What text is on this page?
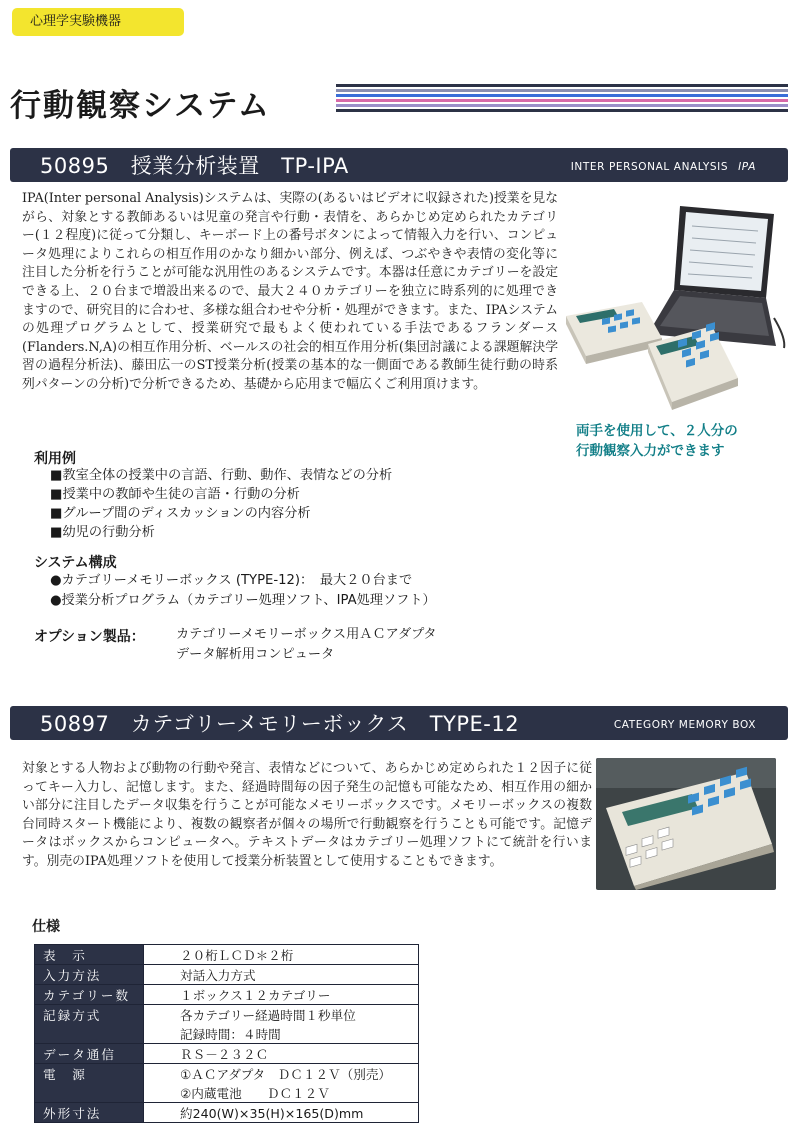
心理学実験機器
行動観察システム
50895　授業分析装置　TP-IPA	INTER PERSONAL ANALYSIS IPA

IPA(Inter personal Analysis)システムは、実際の(あるいはビデオに収録された)授業を見ながら、対象とする教師あるいは児童の発言や行動・表情を、あらかじめ定められたカテゴリー(１２程度)に従って分類し、キーボード上の番号ボタンによって情報入力を行い、コンピュータ処理によりこれらの相互作用のかなり細かい部分、例えば、つぶやきや表情の変化等に注目した分析を行うことが可能な汎用性のあるシステムです。本器は任意にカテゴリーを設定できる上、２０台まで増設出来るので、最大２４０カテゴリーを独立に時系列的に処理できますので、研究目的に合わせ、多様な組合わせや分析・処理ができます。また、IPAシステムの処理プログラムとして、授業研究で最もよく使われている手法であるフランダース(Flanders.N,A)の相互作用分析、ベールスの社会的相互作用分析(集団討議による課題解決学習の過程分析法)、藤田広一のST授業分析(授業の基本的な一側面である教師生徒行動の時系列パターンの分析)で分析できるため、基礎から応用まで幅広くご利用頂けます。

両手を使用して、２人分の
行動観察入力ができます
利用例
■教室全体の授業中の言語、行動、動作、表情などの分析
■授業中の教師や生徒の言語・行動の分析
■グループ間のディスカッションの内容分析
■幼児の行動分析
システム構成
●カテゴリーメモリーボックス (TYPE-12)：　最大２０台まで
●授業分析プログラム（カテゴリー処理ソフト、IPA処理ソフト）
オプション製品： カテゴリーメモリーボックス用ＡＣアダプタ
データ解析用コンピュータ
50897　カテゴリーメモリーボックス　TYPE-12	CATEGORY MEMORY BOX

対象とする人物および動物の行動や発言、表情などについて、あらかじめ定められた１２因子に従ってキー入力し、記憶します。また、経過時間毎の因子発生の記憶も可能なため、相互作用の細かい部分に注目したデータ収集を行うことが可能なメモリーボックスです。メモリーボックスの複数台同時スタート機能により、複数の観察者が個々の場所で行動観察を行うことも可能です。記憶データはボックスからコンピュータへ。テキストデータはカテゴリー処理ソフトにて統計を行います。別売のIPA処理ソフトを使用して授業分析装置として使用することもできます。

仕様
表　示	２０桁ＬＣＤ＊２桁

入力方法	対話入力方式

カテゴリー数	１ボックス１２カテゴリー

記録方式	各カテゴリー経過時間１秒単位
記録時間：４時間

データ通信	ＲＳ－２３２Ｃ

電　源	①ＡＣアダプタ　ＤＣ１２Ｖ（別売）
②内蔵電池　　ＤＣ１２Ｖ

外形寸法	約240(W)×35(H)×165(D)mm
